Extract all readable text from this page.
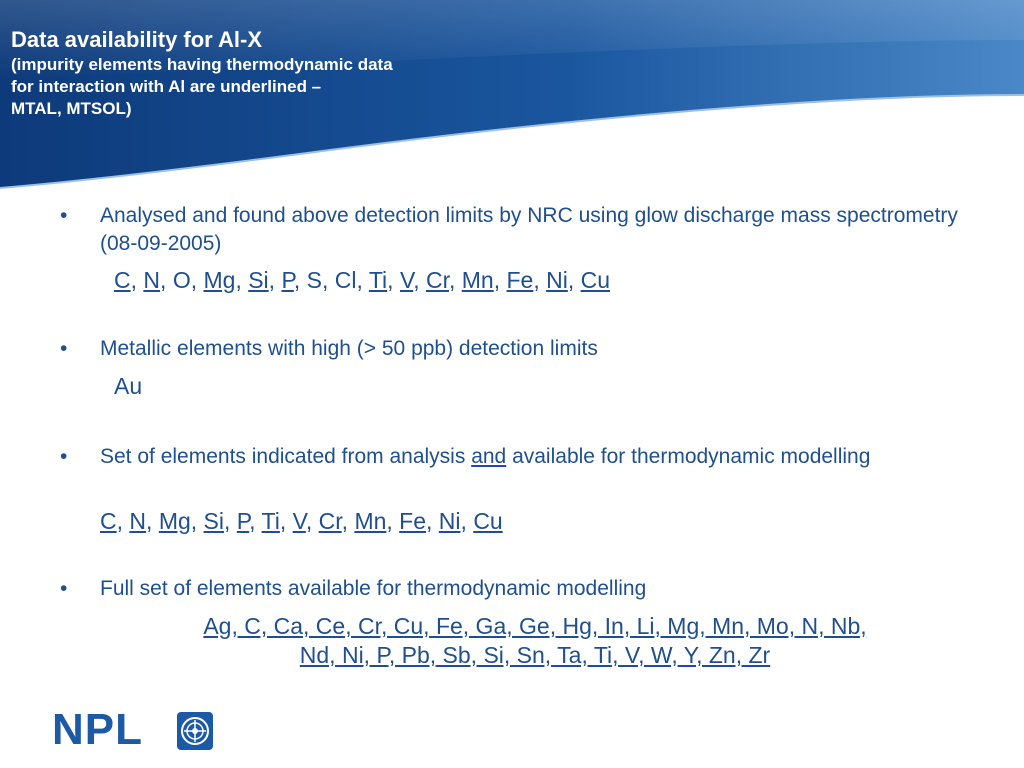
Data availability for Al-X
(impurity elements having thermodynamic data
for interaction with Al are underlined –
MTAL, MTSOL)
• Analysed and found above detection limits by NRC using glow discharge mass spectrometry (08-09-2005)
C, N, O, Mg, Si, P, S, Cl, Ti, V, Cr, Mn, Fe, Ni, Cu
• Metallic elements with high (> 50 ppb) detection limits
Au
• Set of elements indicated from analysis and available for thermodynamic modelling
C, N, Mg, Si, P, Ti, V, Cr, Mn, Fe, Ni, Cu
• Full set of elements available for thermodynamic modelling
Ag, C, Ca, Ce, Cr, Cu, Fe, Ga, Ge, Hg, In, Li, Mg, Mn, Mo, N, Nb,
Nd, Ni, P, Pb, Sb, Si, Sn, Ta, Ti, V, W, Y, Zn, Zr
NPL
